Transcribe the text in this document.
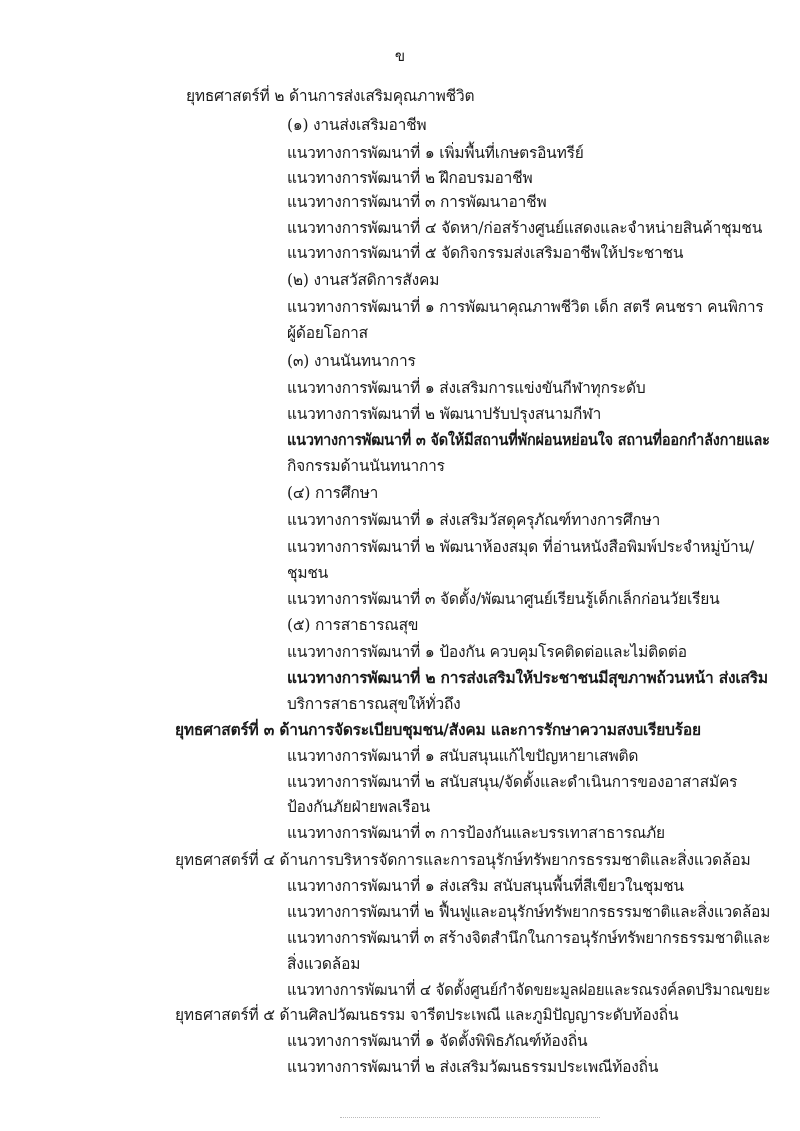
ข
ยุทธศาสตร์ที่ ๒ ด้านการส่งเสริมคุณภาพชีวิต
(๑) งานส่งเสริมอาชีพ
แนวทางการพัฒนาที่ ๑ เพิ่มพื้นที่เกษตรอินทรีย์
แนวทางการพัฒนาที่ ๒ ฝึกอบรมอาชีพ
แนวทางการพัฒนาที่ ๓ การพัฒนาอาชีพ
แนวทางการพัฒนาที่ ๔ จัดหา/ก่อสร้างศูนย์แสดงและจำหน่ายสินค้าชุมชน
แนวทางการพัฒนาที่ ๕ จัดกิจกรรมส่งเสริมอาชีพให้ประชาชน
(๒) งานสวัสดิการสังคม
แนวทางการพัฒนาที่ ๑ การพัฒนาคุณภาพชีวิต เด็ก สตรี คนชรา คนพิการ
ผู้ด้อยโอกาส
(๓) งานนันทนาการ
แนวทางการพัฒนาที่ ๑ ส่งเสริมการแข่งขันกีฬาทุกระดับ
แนวทางการพัฒนาที่ ๒ พัฒนาปรับปรุงสนามกีฬา
แนวทางการพัฒนาที่ ๓ จัดให้มีสถานที่พักผ่อนหย่อนใจ สถานที่ออกกำลังกายและ
กิจกรรมด้านนันทนาการ
(๔) การศึกษา
แนวทางการพัฒนาที่ ๑ ส่งเสริมวัสดุครุภัณฑ์ทางการศึกษา
แนวทางการพัฒนาที่ ๒ พัฒนาห้องสมุด ที่อ่านหนังสือพิมพ์ประจำหมู่บ้าน/
ชุมชน
แนวทางการพัฒนาที่ ๓ จัดตั้ง/พัฒนาศูนย์เรียนรู้เด็กเล็กก่อนวัยเรียน
(๕) การสาธารณสุข
แนวทางการพัฒนาที่ ๑ ป้องกัน ควบคุมโรคติดต่อและไม่ติดต่อ
แนวทางการพัฒนาที่ ๒ การส่งเสริมให้ประชาชนมีสุขภาพถ้วนหน้า ส่งเสริม
บริการสาธารณสุขให้ทั่วถึง
ยุทธศาสตร์ที่ ๓ ด้านการจัดระเบียบชุมชน/สังคม และการรักษาความสงบเรียบร้อย
แนวทางการพัฒนาที่ ๑ สนับสนุนแก้ไขปัญหายาเสพติด
แนวทางการพัฒนาที่ ๒ สนับสนุน/จัดตั้งและดำเนินการของอาสาสมัคร
ป้องกันภัยฝ่ายพลเรือน
แนวทางการพัฒนาที่ ๓ การป้องกันและบรรเทาสาธารณภัย
ยุทธศาสตร์ที่ ๔ ด้านการบริหารจัดการและการอนุรักษ์ทรัพยากรธรรมชาติและสิ่งแวดล้อม
แนวทางการพัฒนาที่ ๑ ส่งเสริม สนับสนุนพื้นที่สีเขียวในชุมชน
แนวทางการพัฒนาที่ ๒ ฟื้นฟูและอนุรักษ์ทรัพยากรธรรมชาติและสิ่งแวดล้อม
แนวทางการพัฒนาที่ ๓ สร้างจิตสำนึกในการอนุรักษ์ทรัพยากรธรรมชาติและ
สิ่งแวดล้อม
แนวทางการพัฒนาที่ ๔ จัดตั้งศูนย์กำจัดขยะมูลฝอยและรณรงค์ลดปริมาณขยะ
ยุทธศาสตร์ที่ ๕ ด้านศิลปวัฒนธรรม จารีตประเพณี และภูมิปัญญาระดับท้องถิ่น
แนวทางการพัฒนาที่ ๑ จัดตั้งพิพิธภัณฑ์ท้องถิ่น
แนวทางการพัฒนาที่ ๒ ส่งเสริมวัฒนธรรมประเพณีท้องถิ่น
